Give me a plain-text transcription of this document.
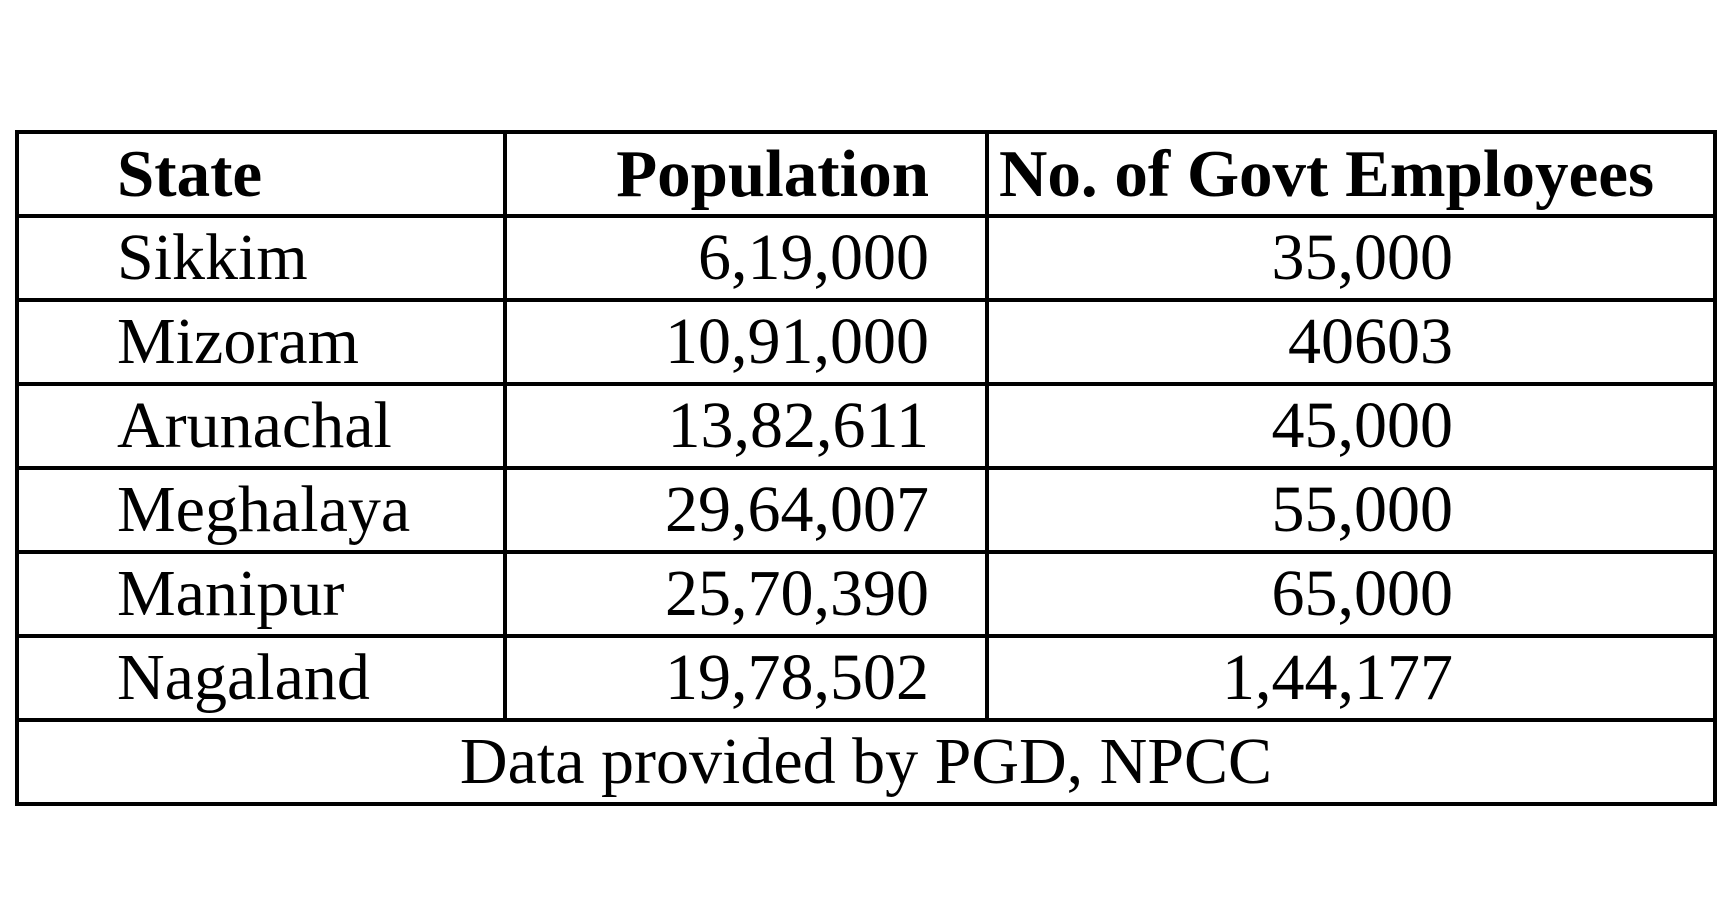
State	Population	No. of Govt Employees
Sikkim	6,19,000	35,000
Mizoram	10,91,000	40603
Arunachal	13,82,611	45,000
Meghalaya	29,64,007	55,000
Manipur	25,70,390	65,000
Nagaland	19,78,502	1,44,177
Data provided by PGD, NPCC		
